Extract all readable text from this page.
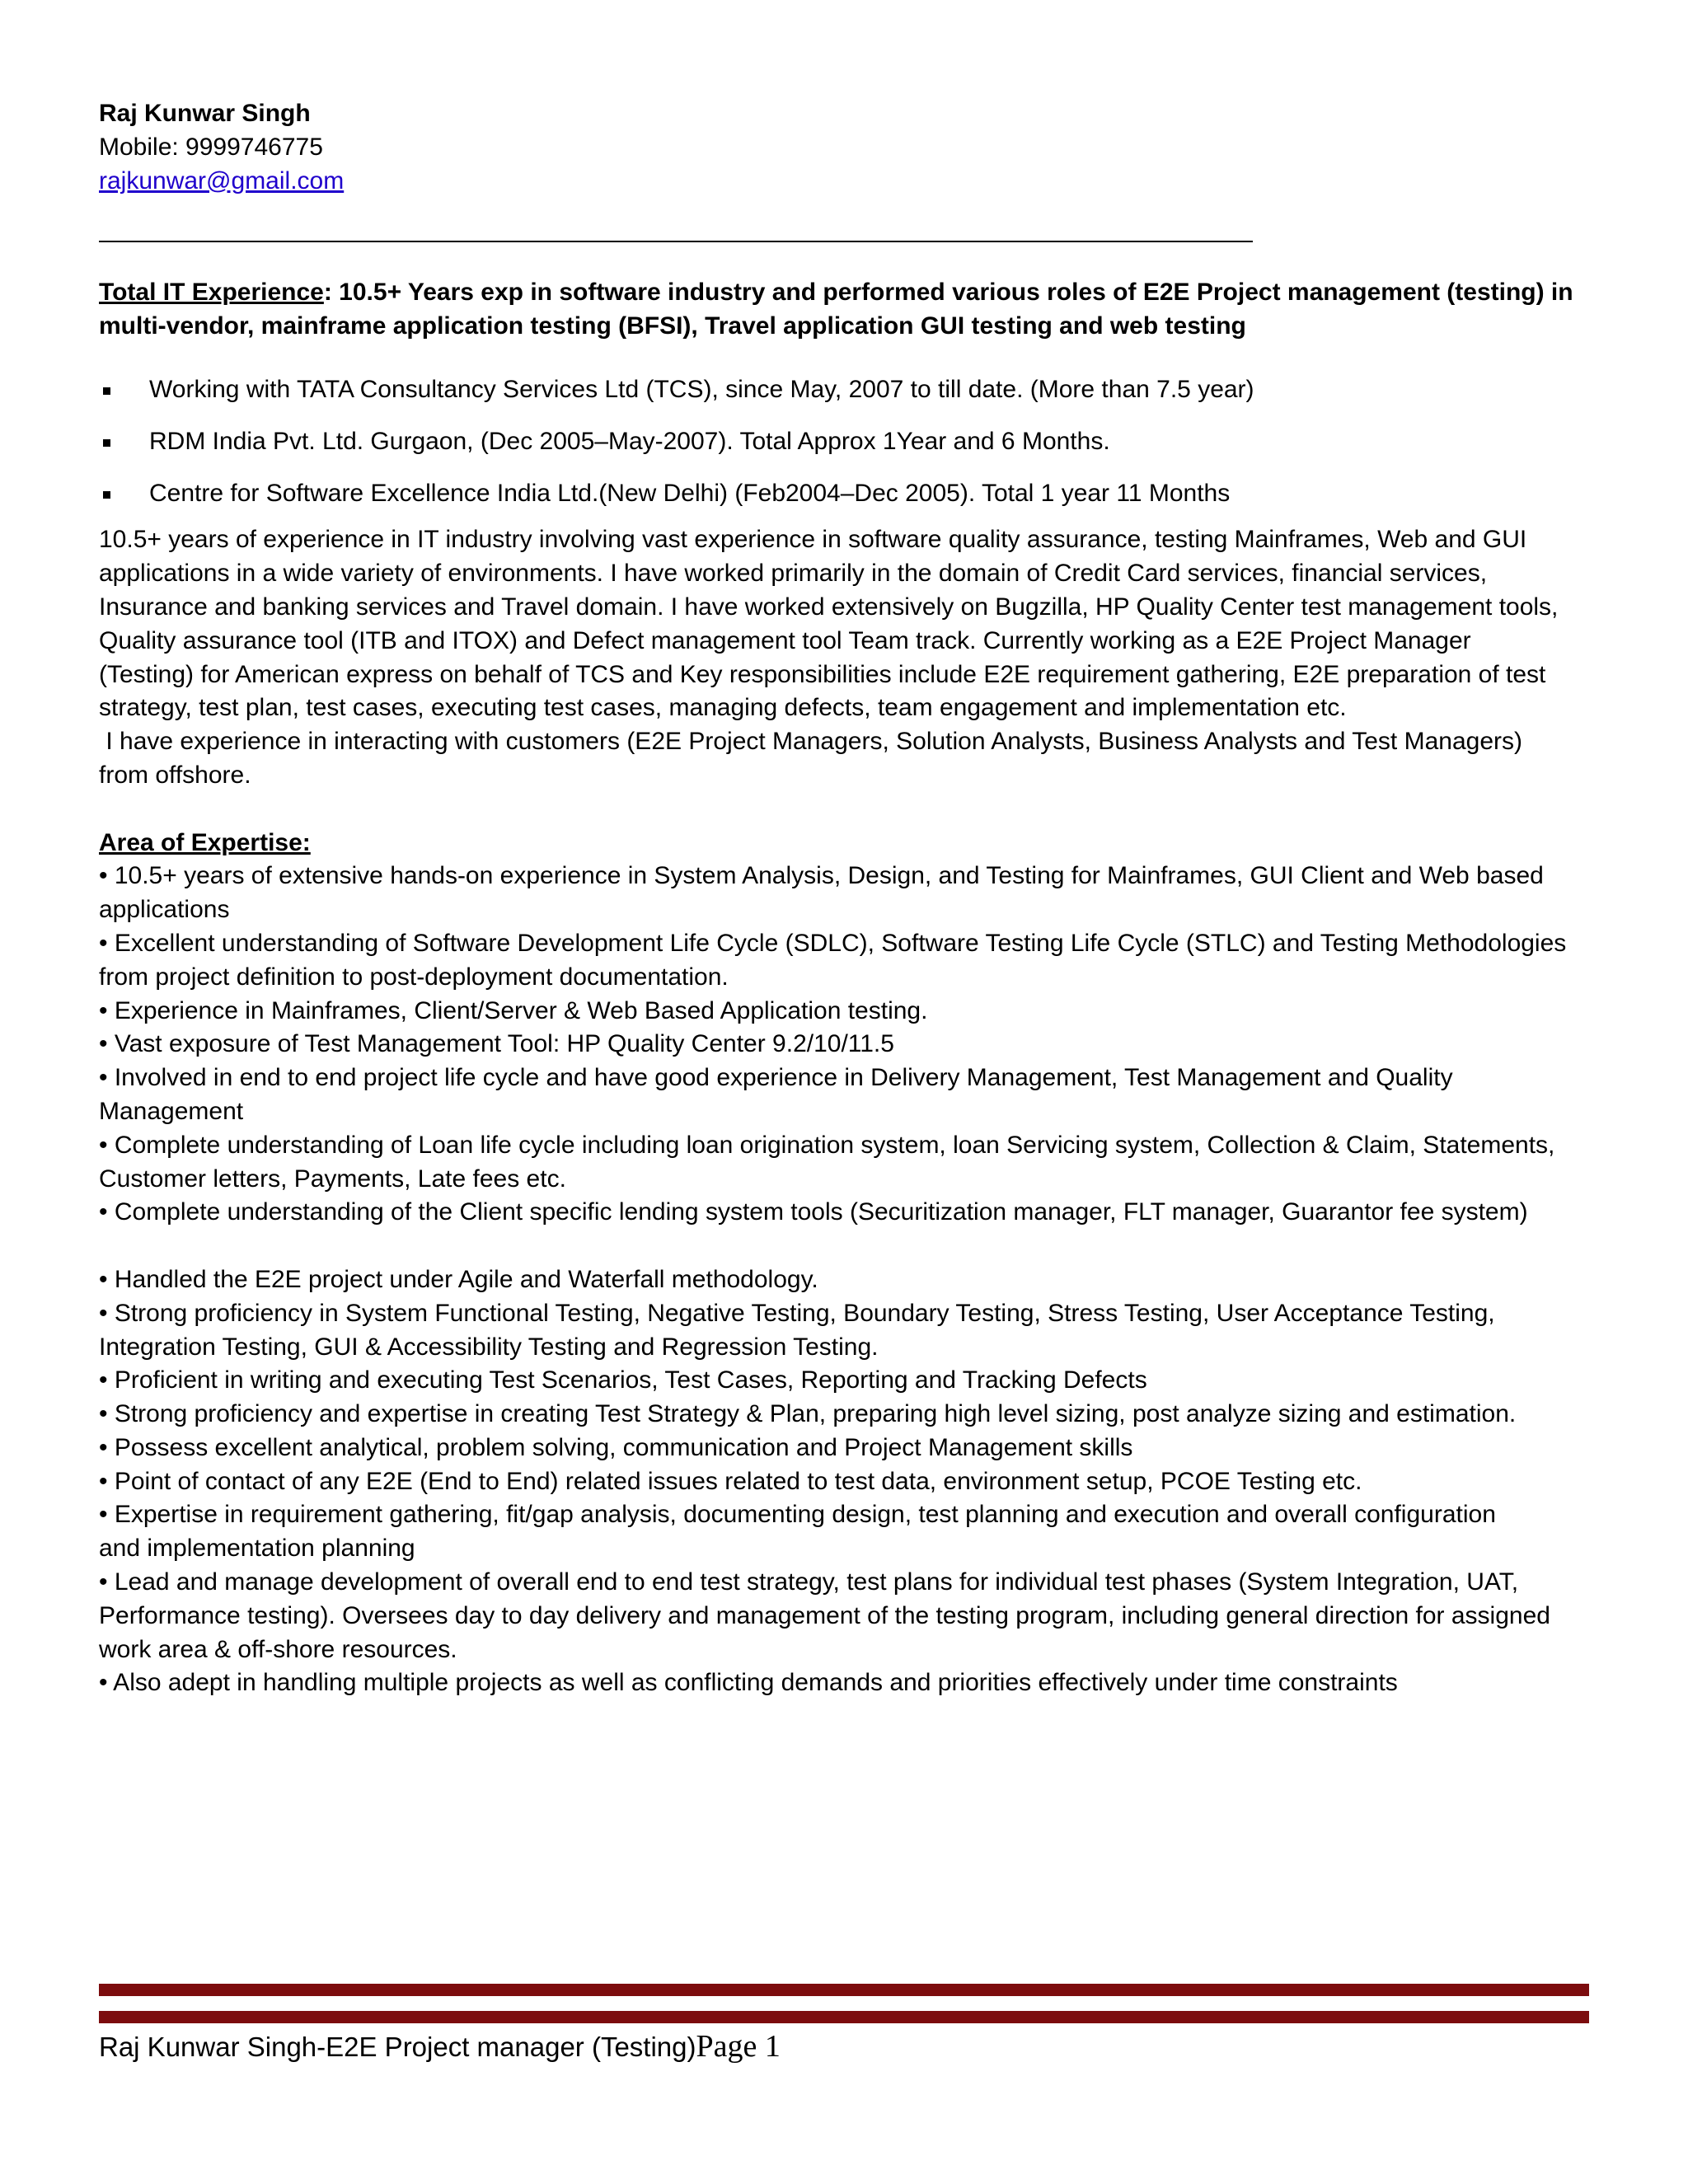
Raj Kunwar Singh
Mobile: 9999746775
rajkunwar@gmail.com
Total IT Experience: 10.5+ Years exp in software industry and performed various roles of E2E Project management (testing) in
multi-vendor, mainframe application testing (BFSI), Travel application GUI testing and web testing
Working with TATA Consultancy Services Ltd (TCS), since May, 2007 to till date. (More than 7.5 year)
RDM India Pvt. Ltd. Gurgaon, (Dec 2005–May-2007). Total Approx 1Year and 6 Months.
Centre for Software Excellence India Ltd.(New Delhi) (Feb2004–Dec 2005). Total 1 year 11 Months
10.5+ years of experience in IT industry involving vast experience in software quality assurance, testing Mainframes, Web and GUI
applications in a wide variety of environments. I have worked primarily in the domain of Credit Card services, financial services,
Insurance and banking services and Travel domain. I have worked extensively on Bugzilla, HP Quality Center test management tools,
Quality assurance tool (ITB and ITOX) and Defect management tool Team track. Currently working as a E2E Project Manager
(Testing) for American express on behalf of TCS and Key responsibilities include E2E requirement gathering, E2E preparation of test
strategy, test plan, test cases, executing test cases, managing defects, team engagement and implementation etc.
I have experience in interacting with customers (E2E Project Managers, Solution Analysts, Business Analysts and Test Managers)
from offshore.
Area of Expertise:
• 10.5+ years of extensive hands-on experience in System Analysis, Design, and Testing for Mainframes, GUI Client and Web based
applications
• Excellent understanding of Software Development Life Cycle (SDLC), Software Testing Life Cycle (STLC) and Testing Methodologies
from project definition to post-deployment documentation.
• Experience in Mainframes, Client/Server & Web Based Application testing.
• Vast exposure of Test Management Tool: HP Quality Center 9.2/10/11.5
• Involved in end to end project life cycle and have good experience in Delivery Management, Test Management and Quality
Management
• Complete understanding of Loan life cycle including loan origination system, loan Servicing system, Collection & Claim, Statements,
Customer letters, Payments, Late fees etc.
• Complete understanding of the Client specific lending system tools (Securitization manager, FLT manager, Guarantor fee system)
• Handled the E2E project under Agile and Waterfall methodology.
• Strong proficiency in System Functional Testing, Negative Testing, Boundary Testing, Stress Testing, User Acceptance Testing,
Integration Testing, GUI & Accessibility Testing and Regression Testing.
• Proficient in writing and executing Test Scenarios, Test Cases, Reporting and Tracking Defects
• Strong proficiency and expertise in creating Test Strategy & Plan, preparing high level sizing, post analyze sizing and estimation.
• Possess excellent analytical, problem solving, communication and Project Management skills
• Point of contact of any E2E (End to End) related issues related to test data, environment setup, PCOE Testing etc.
• Expertise in requirement gathering, fit/gap analysis, documenting design, test planning and execution and overall configuration
and implementation planning
• Lead and manage development of overall end to end test strategy, test plans for individual test phases (System Integration, UAT,
Performance testing). Oversees day to day delivery and management of the testing program, including general direction for assigned
work area & off-shore resources.
• Also adept in handling multiple projects as well as conflicting demands and priorities effectively under time constraints
Raj Kunwar Singh-E2E Project manager (Testing)Page 1
